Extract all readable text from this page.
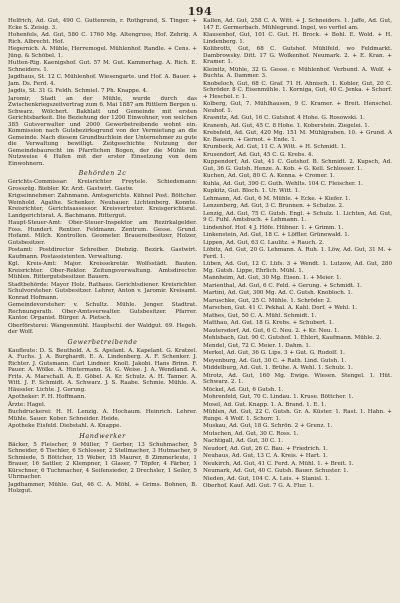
194

Helfrich, Ad. Gut, 490 C. Guttenrein, r. Rothgrund, S. Tinger. + Ecke S. Zeisig. 3.

Hohenfels, Ad. Gut, 580 C. 1760 Mg. Altengruss, Hof. Zehrig. A Rich. Albrecht. Hof.

Hegernich. A. Mühle, Herremogel. Mühlenhof. Randle. + Cens. + Jüng. & Schöbel. 1.

Hutten-Rig. Kaenigshof. Gut. 57 M. Gut. Kammerhag. A. Rich. E. Schneiders. 1.

Jagdhaus, St. 12 C. Mühlenhof. Wiesengarte. und Hof. A. Bauer. + Jam. Ds. Ferd. 4.

Jagdis, St. 31 G. Feldh. Schmiel. 7 Ph. Knappe. 4.

Jaromir, Stadt an der Mühle, wurde durch das Zwischenkriegszeitvertrag zum 6. Mai 1887 am Rittlern Bergen u. Schwarz. Wölchert. Bakhlatt und Gemeinde mit ersten Gerichtsbarkeit. Die Beziehung der 1200 Einwohner, von welchen 385 Gutsverwalter und 2000 Gewerbetreibende wohnt ein. Kommission nach Gutsbezirksgrund von der Vermietung an die Gemeinde. Nach diesem Grundbuchlein der Unternehmer zu gute die Verwaltung bewilligt. Zeitgeschichte Nutzung der Gemeindebaurecht im Pfarrlichen Bogen, der die Mühle im Nutzweise 4 Hufen mit der erster Einsetzung von dem Einwohnern.

Behörden 2c

Gerichts-Commissar: Kreisrichter Freytele. Schiedsmann: Grosszüg. Biebler. Kr. Arzt. Gastwirt. Gastw.

Krigseinnehmer: Zahnmann. Amtsgerichts. Kühnel Post. Böttcher. Weinhold. Agathe. Schenker. Neubauer. Lichtenberg. Konnte. Kreisrichter, Gerichtsassessor. Kreisvertreter. Kreisgerichtsrat. Landgerichtsrat. A. Bachmann. Rittergut.

Haupt-Steuer-Amt: Ober-Steuer-Inspektor am Rezirkalgelder. Foss. Hundert. Rentier. Feldmann. Zentrum. Gesse. Grund. Hofamt. Milch. Kontrollen. Geometer. Brauereibesitzer, Holzer, Gutsbesitzer.

Postamt: Postdirector Schreiber. Diebzig. Bezirk. Gastwirt. Kaufmann. Postassistenten. Verwaltung.

Kgl. Kreis-Amt: Major. Kreissekretär. Wolfsstädt. Bauten. Kreisrichter. Ober-Rektor. Zeitungsverwaltung. Amtsdirector. Mühlen. Rittergutsbesitzer. Bauern.

Stadtbehörde: Mayor Holz. Rathaus. Gerichtsdiener. Kreisrichter. Schulvorsteher. Gutsbesitzer. Lehrer, Anton v. Jaromir. Kreisamt. Konrad Hofmann.

Gemeindevorsteher: v. Schultz. Mühle. Jenger. Stadtrat. Rechnungsrath. Ober-Amtsverwalter. Gutsbesitzer. Pfarrer. Kantor. Organist. Bürger. A. Pietsch.

Oberförsterei: Wangenmühl. Hauptschl. der Waldgut. 69. Hegeh. der Wolf.

Gewerbetreibende

Kaufleute: D. S. Beuthold. A. S. Apelant. A. Kapelant. G. Kratzel. A. Fuchs. J. A. Burghardt. E. A. Lindenberg. A. F. Schenker. J. Richter. J. Gutsmann. Carl Lindner. Knoll. Jakobi. Hans Brinn. F. Pauer. A. Wölke. A. Hintermann. St. G. Weise. J. A. Wendland. A. Frits. A. Marschall. A. E. Göbel. A. Kr. Schulz. A. H. Tanner. A. Witt. J. F. Schmidt. A. Schwarz. J. S. Raabe. Schmie. Mühle. A. Häussler. Lichte. J. Gerung.

Apotheker: F. H. Hoffmann.

Ärzte: Hagel.

Buchdruckerei: H. H. Lenzig. A. Hochaum. Heinrich. Lehrer. Mühle. Sauer. Kober. Schneider. Heide.

Apotheke Eisfeld. Diebstahl. A. Knappe.

Handwerker

Bäcker, 5 Fleischer, 9 Müller, 7 Gerber, 13 Schuhmacher, 5 Schneider, 6 Tischler, 6 Schlosser, 2 Stellmacher, 3 Hutmacher, 9 Schmiede, 5 Böttcher, 15 Weber, 15 Maurer, 8 Zimmerleute, 1 Brauer, 16 Sattler, 2 Klempner, 1 Glaser, 7 Töpfer, 4 Färber, 1 Kürschner, 6 Tuchmacher, 4 Seifensieder, 2 Drechsler, 1 Seiler, 5 Uhrmacher.

Jagdhammer, Mühle. Gut, 46 C. A. Möhl. + Grims. Bohnen, B. Holzgut.

Kallen, Ad. Gut, 258 C. A. Witt. + J. Schneiders. 1. Jaffe, Ad. Gut, 147 E. Germerbach. Mühlegrund. Ingel, wo verfiel am.

Klausenhof, Gut, 101 C. Gut. H. Brock. + Bohl. E. Wold. + H. Lindenberg. 1.

Kolibrotti, Gut, 68 C. Gutshof. Mühlfeld. wo Feldmarkt. Dambrowsky. Ditt. 17 G. Wolkenhof. Neumark. 2. + E. Kran. + Kramer. 1.

Kleinitz, Mühle, 32 G. Gesse. r. Mühlenhof. Verbund. A. Wolf. + Buchta. A. Dammer. 3.

Knobeloch, Gut, 68 C. Graf. 71 H. Ahnisch. 1. Kobler, Gut, 20 C. Schröder. 8 C. Eisenmühle. 1. Korniga, Gut, 40 C. Jenka. + Schorf. + Heschel. r. 1.

Kolberg, Gut, 7. Mühlhausen, 9 C. Kramer. + Breit. Henschel. Neuhof. 1.

Krasnitz, Ad. Gut, 16 C. Gutshof. 4 Hohe. G. Rosowski. 1.

Kranenh, Ad. Gut, 45 C. 8 Hohe. 1. Koberstein. Ziegelei. 1.

Krebsfeld, Ad. Gut, 420 Mg. 151 M. Mühlgraben. 10. + Grund. A Kr. Bauern. + Gernot. + Ende. 1.

Krumbeck, Ad. Gut, 11 C. A Witt. + H. Schmidt. 1.

Krusendorf, Ad. Gut, 45 C. G. Krebs. 4.

Kuppendorf, Ad. Gut, 41 C. Gutshof. B. Schmidt. 2. Kupsch, Ad. Gut, 36 G. Gutsh. Henze. A. Kob. + G. Kell. Schlosser. 1.

Kuchen, Ad. Gut, 80 C. A. Kenna. + Cromer. 1.

Kuhla, Ad. Gut, 390 C. Guth. Wehlts. 104 C. Fleischer. 1.

Kupkitz, Gut. Bloch. 1. Ur. Witt. 1.

Lehmann, Ad. Gut, 6 M. Mühle. + Ecke. + Kiefer. 1.

Lenzenberg, Ad. Gut, 3 C. Brunnen. + Schulze. 2.

Lenzig, Ad. Gut, 75 C. Gutsh. Engl. + Schulz. 1. Lichten, Ad. Gut, 9 C. Fuhl. Amtsbuch. + Lehmann. 1.

Lindenhof. Hof. 4 J. Höfe. Hübner. 1. + Grimm. 1.

Linkenstein, Ad. Gut, 18 C. + Löffler. Grünewald. 1.

Lippen, Ad. Gut, 63 C. Laulitz. + Rauch. 2.

Löbitz, Ad. Gut, 20 G. Lehmann. A. Ruh. 1. Löw, Ad. Gut, 31 M. + Ferd. 1.

Lüben, Ad. Gut, 12 C. Lüfs. 3 + Wendt. 1. Lutzow, Ad. Gut, 280 Mg. Gutsh. Lippe, Ehrlich. Mühl. 1.

Mannheim, Ad. Gut, 30 Mg. Eisen. 1. + Meier. 1.

Marienthal, Ad. Gut, 6 C. Feld. + Gerung. + Schmidt. 1.

Martini, Ad. Gut, 300 Mg. Ad. C. Gutsh. Knobloch. 1.

Maruschke, Gut, 25 C. Mühle. 1. Schröder. 2.

Marschen, Gut. 41 C. Pekhal. A. Kahl. Dorf. + Wehl. 1.

Mathes, Gut, 50 C. A. Mühl. Schmidt. 1.

Matthau, Ad. Gut. 18 G. Krebs. + Schubert. 1.

Mautersdorf, Ad. Gut, 6 C. Neu. 2. + Kr. Neu. 1.

Mehlsbach, Gut. 90 C. Gutshof. 1. Ehlert, Kaufmann. Mühle. 2.

Mendel, Gut, 72 C. Meier. 1. Dahm. 1.

Merkel, Ad. Gut, 36 G. Lips. 3 + Gut. G. Rudolf. 1.

Meyenburg, Ad. Gut, 30 C. + Rath. Lind. Gutsh. 1.

Middelburg, Ad. Gut. 1. Brühe. A. Wehl. 1. Schulz. 1.

Mirotz, Ad. Gut, 160 Mg. Ewige. Wiesen. Stengel. 1. Hüt. Schwarz. 2. 1.

Möckel, Ad. Gut, 6 Gutsh. 1.

Mohrenfeld, Gut, 70 C. Lindau. 1. Kruse. Böttcher. 1.

Mosel, Ad. Gut. Knapp. 1. A. Brand. 1. E. 1.

Mühlen, Ad. Gut, 22 C. Gutsh. Gr. A. Küster. 1. Rast. 1. Hahn. + Runge. 4 Wolf. 1. Schorr. 1.

Muskau, Ad. Gut, 18 G. Schrön. 2 + Grenz. 1.

Mutschen, Ad. Gut, 30 C. Ross. 1.

Nachtigall, Ad. Gut, 30 C. 1.

Neudorf, Ad. Gut, 26 C. Bau. + Friedrich. 1.

Neuhaus, Ad. Gut, 13 C. A. Kreis. + Hart. 1.

Neukirch, Ad. Gut, 41 C. Ferd. A. Mühl. 1. + Breit. 1.

Neumark, Ad. Gut, 40 C. Gutsh. Bauer. Schuster. 1.

Nieden, Ad. Gut, 104 C. A. Leis. + Stanisl. 1.

Oberhof. Kauf. Adl. Gut. 7 G. A. Flur. 1.
